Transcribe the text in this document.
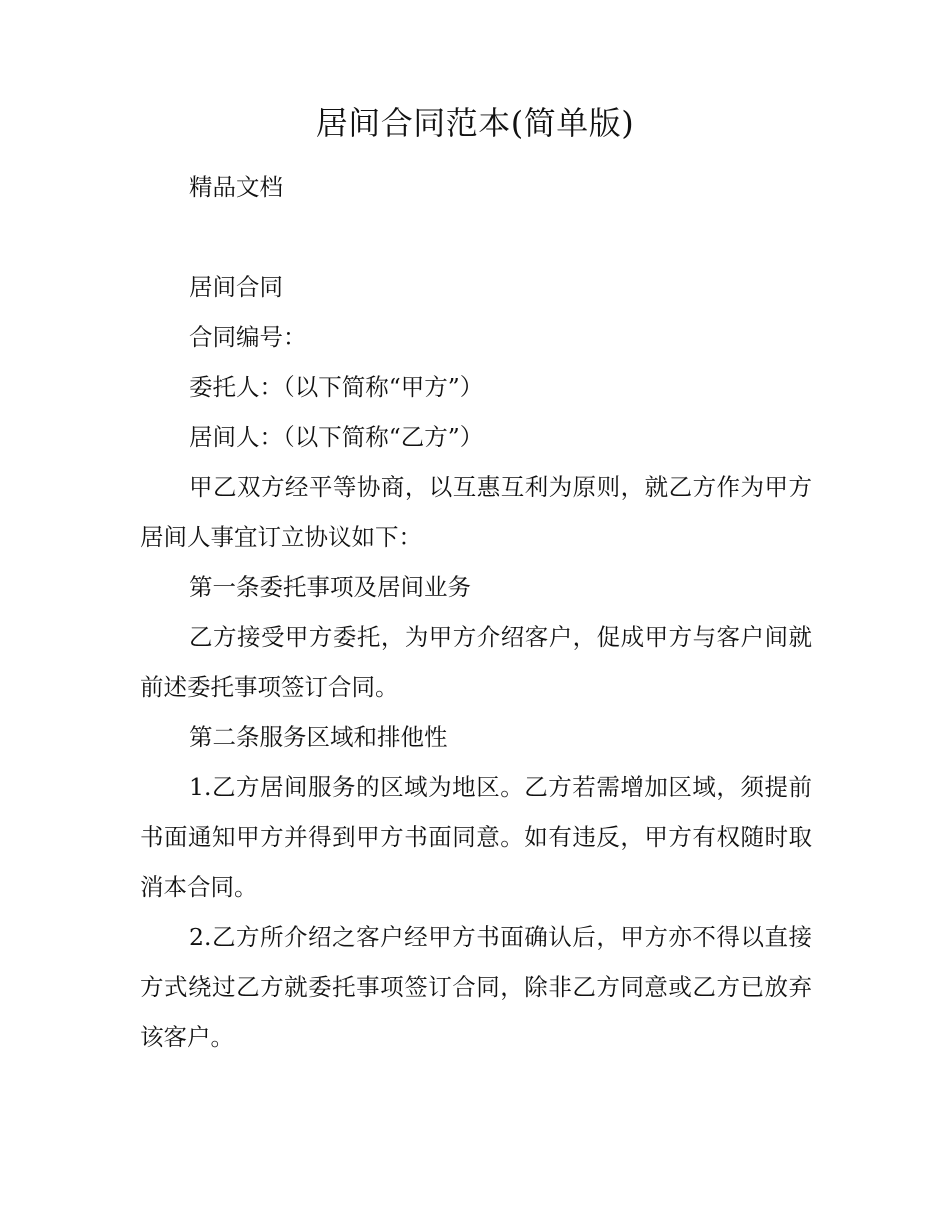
居间合同范本(简单版)

精品文档

居间合同

合同编号：

委托人：（以下简称“甲方”）

居间人：（以下简称“乙方”）

甲乙双方经平等协商，以互惠互利为原则，就乙方作为甲方居间人事宜订立协议如下：

第一条委托事项及居间业务

乙方接受甲方委托，为甲方介绍客户，促成甲方与客户间就前述委托事项签订合同。

第二条服务区域和排他性

1.乙方居间服务的区域为地区。乙方若需增加区域，须提前书面通知甲方并得到甲方书面同意。如有违反，甲方有权随时取消本合同。

2.乙方所介绍之客户经甲方书面确认后，甲方亦不得以直接方式绕过乙方就委托事项签订合同，除非乙方同意或乙方已放弃该客户。
